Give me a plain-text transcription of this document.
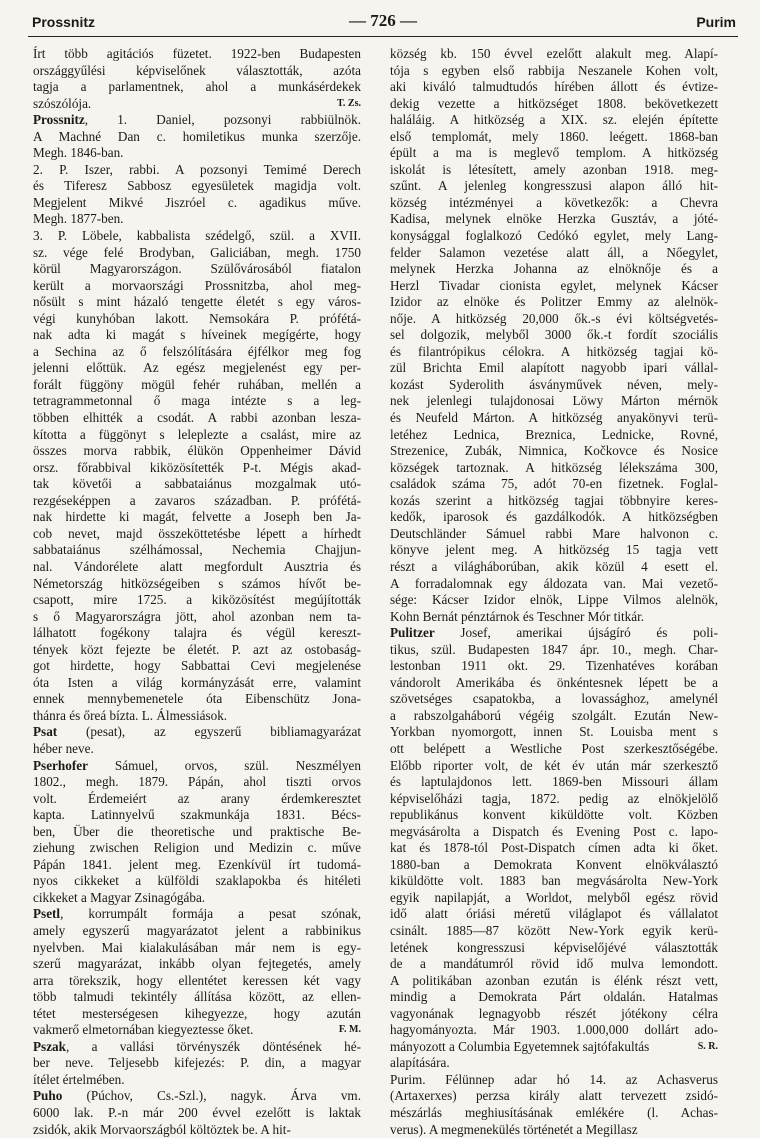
Prossnitz	— 726 —	Purim
Írt több agitációs füzetet. 1922-ben Budapesten
országgyűlési képviselőnek választották, azóta
tagja a parlamentnek, ahol a munkásérdekek
szószólója.	T. Zs.
Prossnitz, 1. Daniel, pozsonyi rabbiülnök.
A Machné Dan c. homiletikus munka szerzője.
Megh. 1846-ban.
2. P. Iszer, rabbi. A pozsonyi Temimé Derech
és Tiferesz Sabbosz egyesületek magidja volt.
Megjelent Mikvé Jiszróel c. agadikus műve.
Megh. 1877-ben.
3. P. Löbele, kabbalista szédelgő, szül. a XVII.
sz. vége felé Brodyban, Galiciában, megh. 1750
körül Magyarországon. Szülővárosából fiatalon
került a morvaországi Prossnitzba, ahol meg-
nősült s mint házaló tengette életét s egy város-
végi kunyhóban lakott. Nemsokára P. prófétá-
nak adta ki magát s híveinek megígérte, hogy
a Sechina az ő felszólítására éjfélkor meg fog
jelenni előttük. Az egész megjelenést egy per-
forált függöny mögül fehér ruhában, mellén a
tetragrammetonnal ő maga intézte s a leg-
többen elhitték a csodát. A rabbi azonban lesza-
kította a függönyt s leleplezte a csalást, mire az
összes morva rabbik, élükön Oppenheimer Dávid
orsz. főrabbival kiközösítették P-t. Mégis akad-
tak követői a sabbataiánus mozgalmak utó-
rezgéseképpen a zavaros században. P. prófétá-
nak hirdette ki magát, felvette a Joseph ben Ja-
cob nevet, majd összeköttetésbe lépett a hírhedt
sabbataiánus szélhámossal, Nechemia Chajjun-
nal. Vándorélete alatt megfordult Ausztria és
Németország hitközségeiben s számos hívőt be-
csapott, mire 1725. a kiközösítést megújították
s ő Magyarországra jött, ahol azonban nem ta-
lálhatott fogékony talajra és végül kereszt-
tények közt fejezte be életét. P. azt az ostobaság-
got hirdette, hogy Sabbattai Cevi megjelenése
óta Isten a világ kormányzását erre, valamint
ennek mennybemenetele óta Eibenschütz Jona-
thánra és őreá bízta. L. Álmessiások.
Psat (pesat), az egyszerű bibliamagyarázat
héber neve.
Pserhofer Sámuel, orvos, szül. Neszmélyen
1802., megh. 1879. Pápán, ahol tiszti orvos
volt. Érdemeiért az arany érdemkeresztet
kapta. Latinnyelvű szakmunkája 1831. Bécs-
ben, Über die theoretische und praktische Be-
ziehung zwischen Religion und Medizin c. műve
Pápán 1841. jelent meg. Ezenkívül írt tudomá-
nyos cikkeket a külföldi szaklapokba és hitéleti
cikkeket a Magyar Zsinagógába.
Psetl, korrumpált formája a pesat szónak,
amely egyszerű magyarázatot jelent a rabbinikus
nyelvben. Mai kialakulásában már nem is egy-
szerű magyarázat, inkább olyan fejtegetés, amely
arra törekszik, hogy ellentétet keressen két vagy
több talmudi tekintély állítása között, az ellen-
tétet mesterségesen kihegyezze, hogy azután
vakmerő elmetornában kiegyeztesse őket.	F. M.
Pszak, a vallási törvényszék döntésének hé-
ber neve. Teljesebb kifejezés: P. din, a magyar
ítélet értelmében.
Puho (Púchov, Cs.-Szl.), nagyk. Árva vm.
6000 lak. P.-n már 200 évvel ezelőtt is laktak
zsidók, akik Morvaországból költöztek be. A hit-
község kb. 150 évvel ezelőtt alakult meg. Alapí-
tója s egyben első rabbija Neszanele Kohen volt,
aki kiváló talmudtudós hírében állott és évtize-
dekig vezette a hitközséget 1808. bekövetkezett
haláláig. A hitközség a XIX. sz. elején építette
első templomát, mely 1860. leégett. 1868-ban
épült a ma is meglevő templom. A hitközség
iskolát is létesített, amely azonban 1918. meg-
szűnt. A jelenleg kongresszusi alapon álló hit-
község intézményei a következők: a Chevra
Kadisa, melynek elnöke Herzka Gusztáv, a jóté-
konysággal foglalkozó Cedókó egylet, mely Lang-
felder Salamon vezetése alatt áll, a Nőegylet,
melynek Herzka Johanna az elnöknője és a
Herzl Tivadar cionista egylet, melynek Kácser
Izidor az elnöke és Politzer Emmy az alelnök-
nője. A hitközség 20,000 ők.-s évi költségvetés-
sel dolgozik, melyből 3000 ők.-t fordít szociális
és filantrópikus célokra. A hitközség tagjai kö-
zül Brichta Emil alapított nagyobb ipari vállal-
kozást Syderolith ásványművek néven, mely-
nek jelenlegi tulajdonosai Löwy Márton mérnök
és Neufeld Márton. A hitközség anyakönyvi terü-
letéhez Lednica, Breznica, Lednicke, Rovné,
Strezenice, Zubák, Nimnica, Kočkovce és Nosice
községek tartoznak. A hitközség lélekszáma 300,
családok száma 75, adót 70-en fizetnek. Foglal-
kozás szerint a hitközség tagjai többnyire keres-
kedők, iparosok és gazdálkodók. A hitközségben
Deutschländer Sámuel rabbi Mare halvonon c.
könyve jelent meg. A hitközség 15 tagja vett
részt a világháborúban, akik közül 4 esett el.
A forradalomnak egy áldozata van. Mai vezető-
sége: Kácser Izidor elnök, Lippe Vilmos alelnök,
Kohn Bernát pénztárnok és Teschner Mór titkár.
Pulitzer Josef, amerikai újságíró és poli-
tikus, szül. Budapesten 1847 ápr. 10., megh. Char-
lestonban 1911 okt. 29. Tizenhatéves korában
vándorolt Amerikába és önkéntesnek lépett be a
szövetséges csapatokba, a lovassághoz, amelynél
a rabszolgaháború végéig szolgált. Ezután New-
Yorkban nyomorgott, innen St. Louisba ment s
ott belépett a Westliche Post szerkesztőségébe.
Előbb riporter volt, de két év után már szerkesztő
és laptulajdonos lett. 1869-ben Missouri állam
képviselőházi tagja, 1872. pedig az elnökjelölő
republikánus konvent kiküldötte volt. Közben
megvásárolta a Dispatch és Evening Post c. lapo-
kat és 1878-tól Post-Dispatch címen adta ki őket.
1880-ban a Demokrata Konvent elnökválasztó
kiküldötte volt. 1883 ban megvásárolta New-York
egyik napilapját, a Worldot, melyből egész rövid
idő alatt óriási méretű világlapot és vállalatot
csinált. 1885—87 között New-York egyik kerü-
letének kongresszusi képviselőjévé választották
de a mandátumról rövid idő mulva lemondott.
A politikában azonban ezután is élénk részt vett,
mindig a Demokrata Párt oldalán. Hatalmas
vagyonának legnagyobb részét jótékony célra
hagyományozta. Már 1903. 1.000,000 dollárt ado-
mányozott a Columbia Egyetemnek sajtófakultás	S. R.
alapítására.
Purim. Félünnep adar hó 14. az Achasverus
(Artaxerxes) perzsa király alatt tervezett zsidó-
mészárlás meghiusításának emlékére (l. Achas-
verus). A megmenekülés történetét a Megillasz
